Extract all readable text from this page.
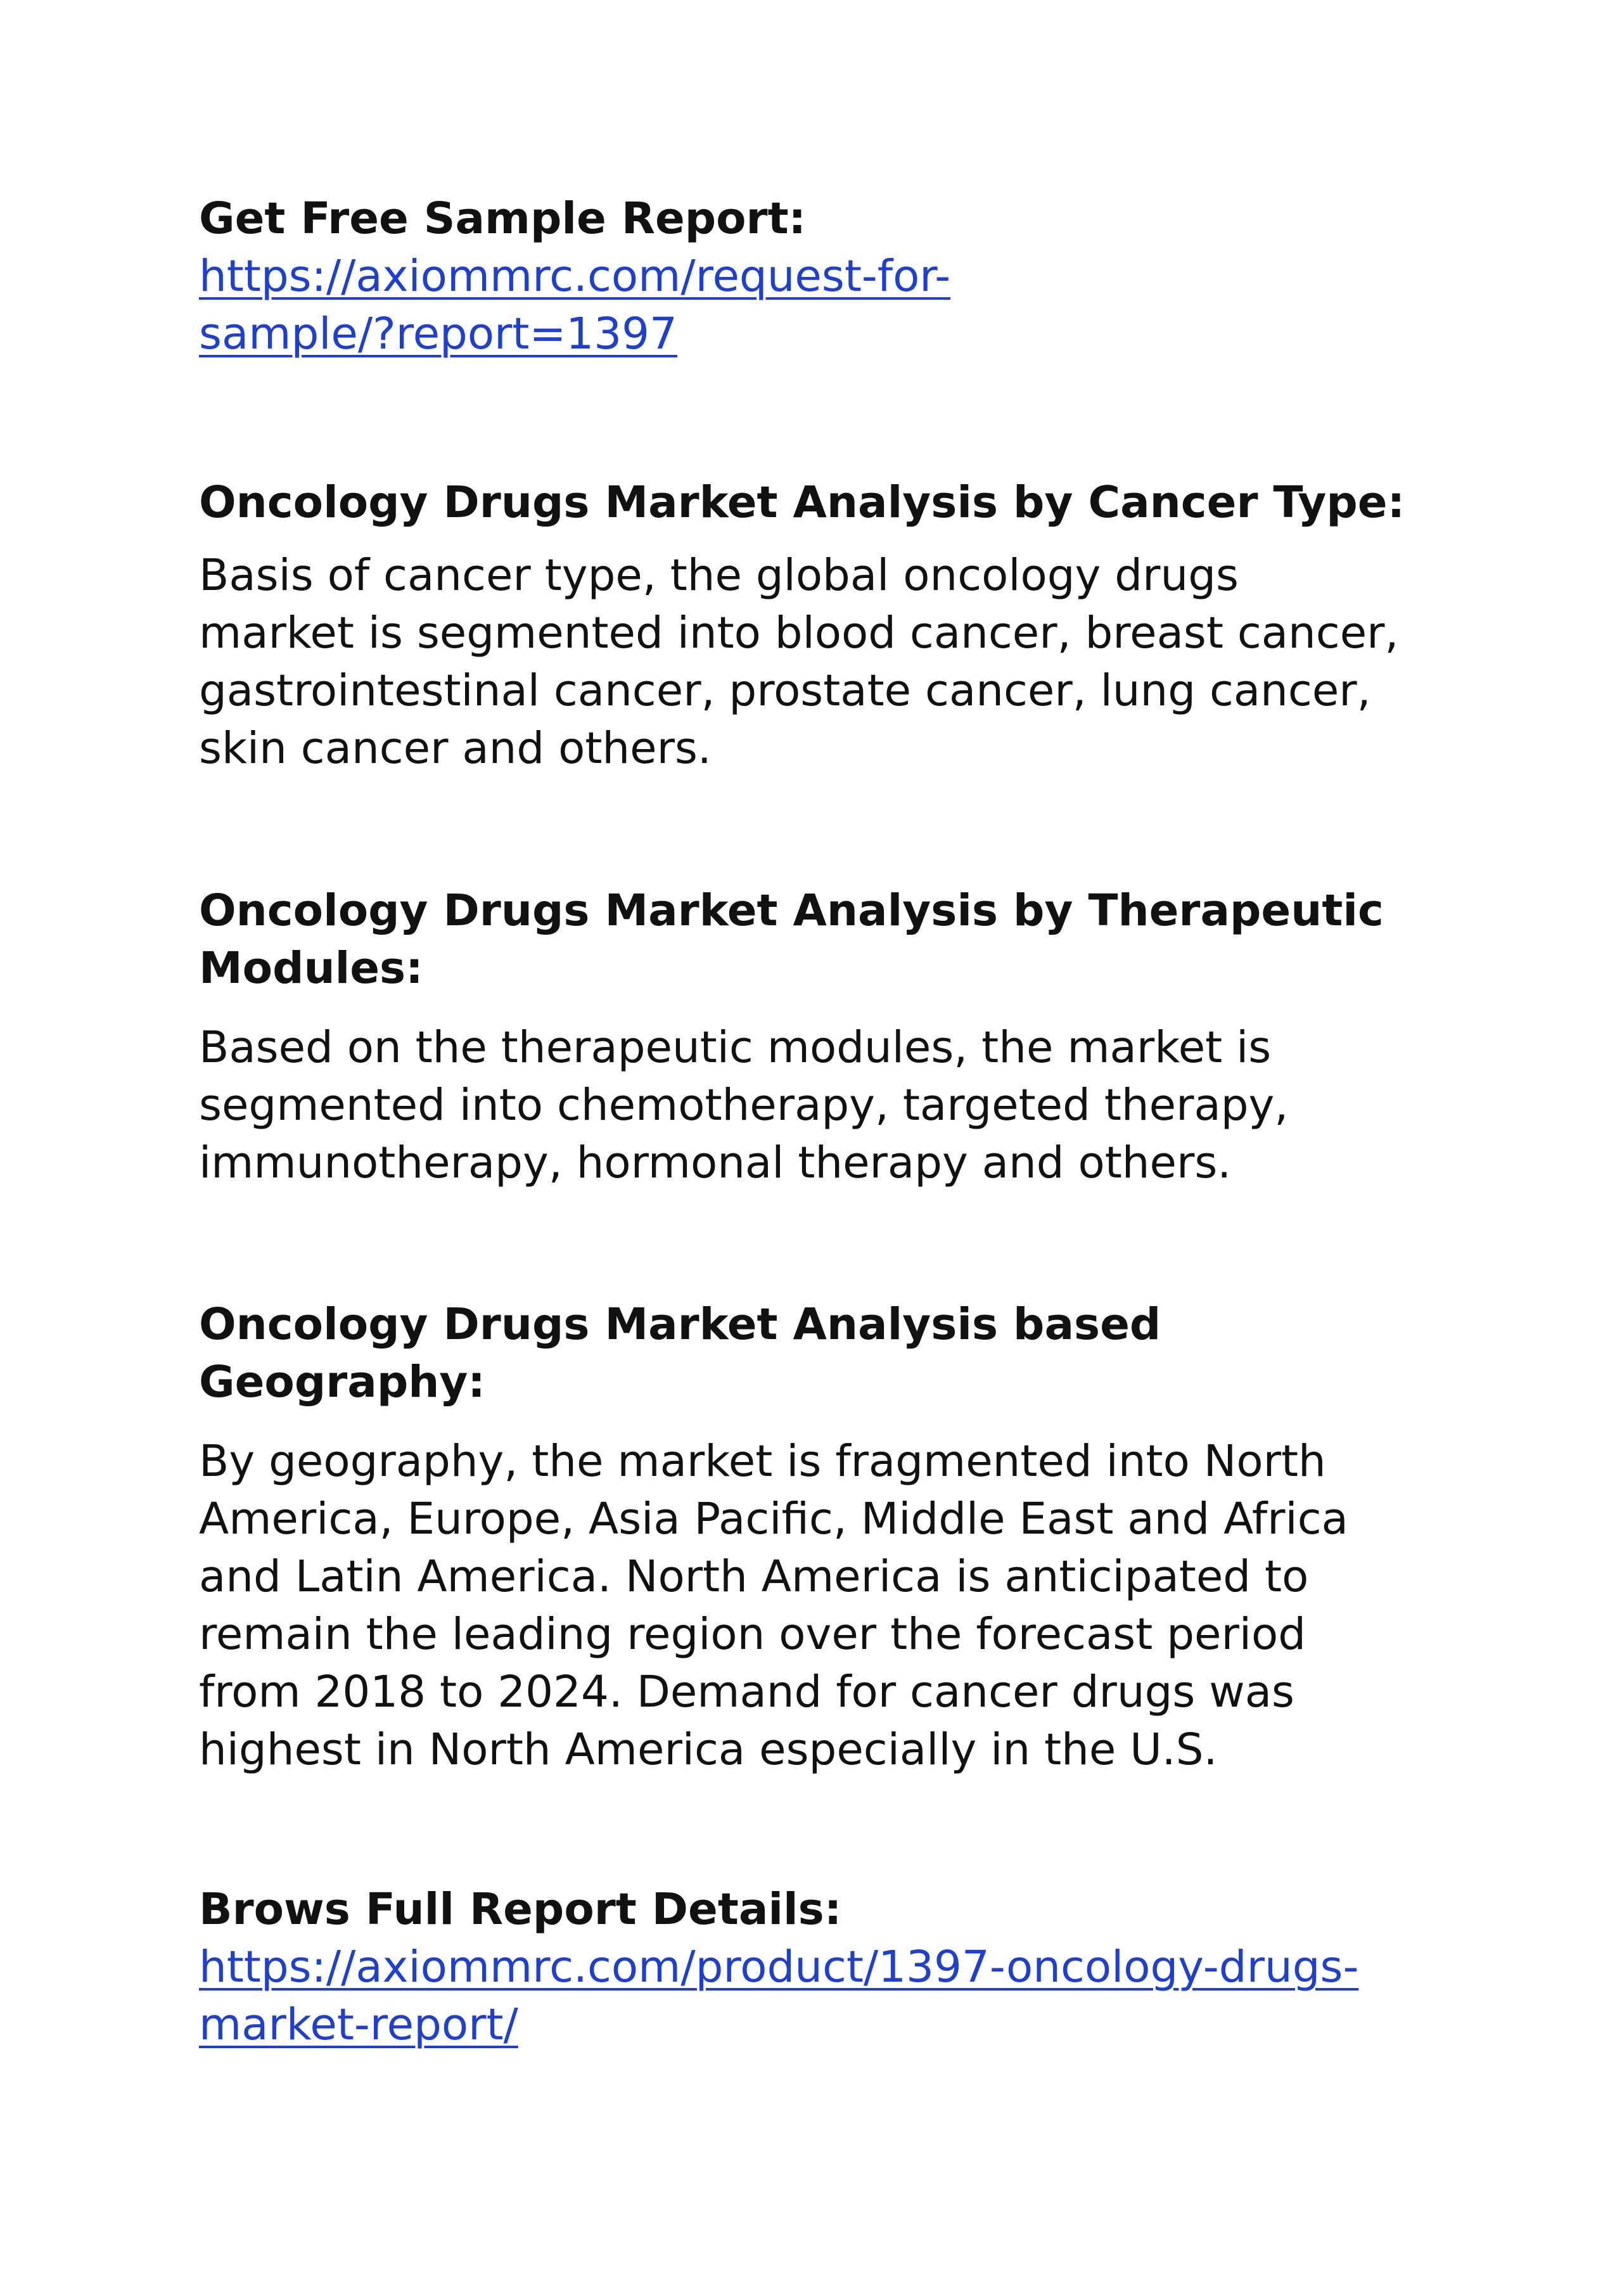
Get Free Sample Report:

https://axiommrc.com/request-for-
sample/?report=1397

Oncology Drugs Market Analysis by Cancer Type:

Basis of cancer type, the global oncology drugs
market is segmented into blood cancer, breast cancer,
gastrointestinal cancer, prostate cancer, lung cancer,
skin cancer and others.

Oncology Drugs Market Analysis by Therapeutic
Modules:

Based on the therapeutic modules, the market is
segmented into chemotherapy, targeted therapy,
immunotherapy, hormonal therapy and others.

Oncology Drugs Market Analysis based
Geography:

By geography, the market is fragmented into North
America, Europe, Asia Pacific, Middle East and Africa
and Latin America. North America is anticipated to
remain the leading region over the forecast period
from 2018 to 2024. Demand for cancer drugs was
highest in North America especially in the U.S.

Brows Full Report Details:

https://axiommrc.com/product/1397-oncology-drugs-
market-report/
